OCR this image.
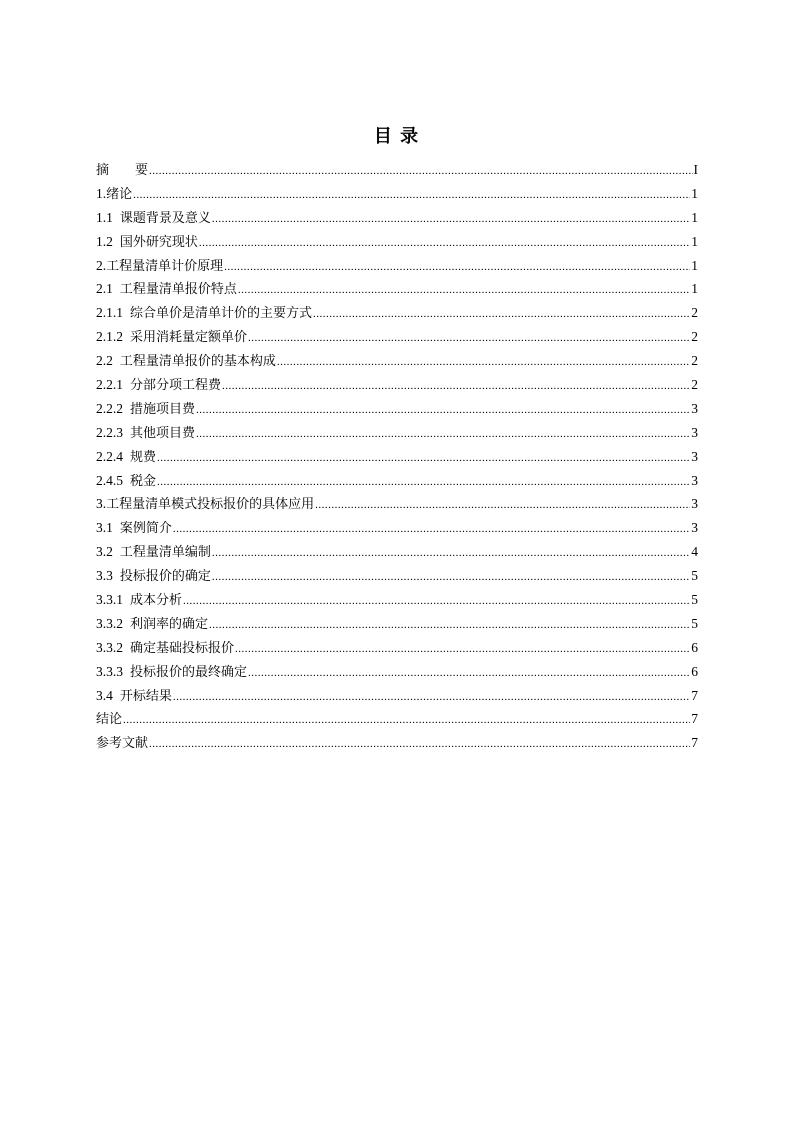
目 录
摘　　要 .....	I
1. 绪论 .....	1
1.1 课题背景及意义 .....	1
1.2 国外研究现状 .....	1
2. 工程量清单计价原理 .....	1
2.1 工程量清单报价特点 .....	1
2.1.1 综合单价是清单计价的主要方式 .....	2
2.1.2 采用消耗量定额单价 .....	2
2.2 工程量清单报价的基本构成 .....	2
2.2.1 分部分项工程费 .....	2
2.2.2 措施项目费 .....	3
2.2.3 其他项目费 .....	3
2.2.4 规费 .....	3
2.4.5 税金 .....	3
3. 工程量清单模式投标报价的具体应用 .....	3
3.1 案例简介 .....	3
3.2 工程量清单编制 .....	4
3.3 投标报价的确定 .....	5
3.3.1 成本分析 .....	5
3.3.2 利润率的确定 .....	5
3.3.2 确定基础投标报价 .....	6
3.3.3 投标报价的最终确定 .....	6
3.4 开标结果 .....	7
结论 .....	7
参考文献 .....	7
